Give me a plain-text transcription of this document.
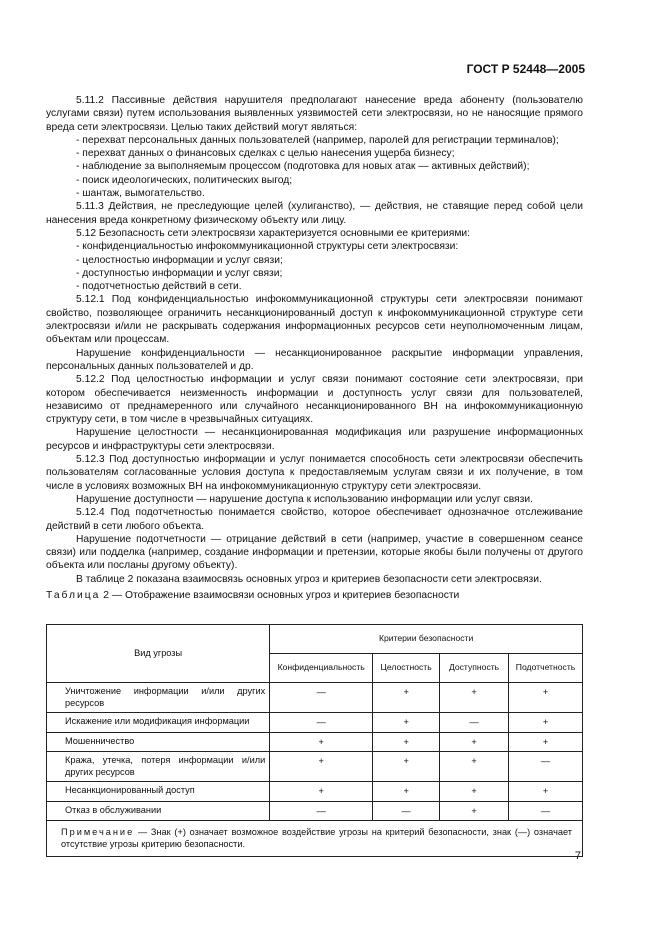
ГОСТ Р 52448—2005

5.11.2 Пассивные действия нарушителя предполагают нанесение вреда абоненту (пользователю услугами связи) путем использования выявленных уязвимостей сети электросвязи, но не наносящие прямого вреда сети электросвязи. Целью таких действий могут являться:

- перехват персональных данных пользователей (например, паролей для регистрации терминалов);

- перехват данных о финансовых сделках с целью нанесения ущерба бизнесу;

- наблюдение за выполняемым процессом (подготовка для новых атак — активных действий);

- поиск идеологических, политических выгод;

- шантаж, вымогательство.

5.11.3 Действия, не преследующие целей (хулиганство), — действия, не ставящие перед собой цели нанесения вреда конкретному физическому объекту или лицу.

5.12 Безопасность сети электросвязи характеризуется основными ее критериями:

- конфиденциальностью инфокоммуникационной структуры сети электросвязи:

- целостностью информации и услуг связи;

- доступностью информации и услуг связи;

- подотчетностью действий в сети.

5.12.1 Под конфиденциальностью инфокоммуникационной структуры сети электросвязи понимают свойство, позволяющее ограничить несанкционированный доступ к инфокоммуникационной структуре сети электросвязи и/или не раскрывать содержания информационных ресурсов сети неуполномоченным лицам, объектам или процессам.

Нарушение конфиденциальности — несанкционированное раскрытие информации управления, персональных данных пользователей и др.

5.12.2 Под целостностью информации и услуг связи понимают состояние сети электросвязи, при котором обеспечивается неизменность информации и доступность услуг связи для пользователей, независимо от преднамеренного или случайного несанкционированного ВН на инфокоммуникационную структуру сети, в том числе в чрезвычайных ситуациях.

Нарушение целостности — несанкционированная модификация или разрушение информационных ресурсов и инфраструктуры сети электросвязи.

5.12.3 Под доступностью информации и услуг понимается способность сети электросвязи обеспечить пользователям согласованные условия доступа к предоставляемым услугам связи и их получение, в том числе в условиях возможных ВН на инфокоммуникационную структуру сети электросвязи.

Нарушение доступности — нарушение доступа к использованию информации или услуг связи.

5.12.4 Под подотчетностью понимается свойство, которое обеспечивает однозначное отслеживание действий в сети любого объекта.

Нарушение подотчетности — отрицание действий в сети (например, участие в совершенном сеансе связи) или подделка (например, создание информации и претензии, которые якобы были получены от другого объекта или посланы другому объекту).

В таблице 2 показана взаимосвязь основных угроз и критериев безопасности сети электросвязи.

Таблица 2 — Отображение взаимосвязи основных угроз и критериев безопасности

Вид угрозы	Критерии безопасности			
	Конфиденциальность	Целостность	Доступность	Подотчетность
Уничтожение информации и/или других ресурсов	—	+	+	+
Искажение или модификация информации	—	+	—	+
Мошенничество	+	+	+	+
Кража, утечка, потеря информации и/или других ресурсов	+	+	+	—
Несанкционированный доступ	+	+	+	+
Отказ в обслуживании	—	—	+	—
Примечание — Знак (+) означает возможное воздействие угрозы на критерий безопасности, знак (—) означает отсутствие угрозы критерию безопасности.				
7
